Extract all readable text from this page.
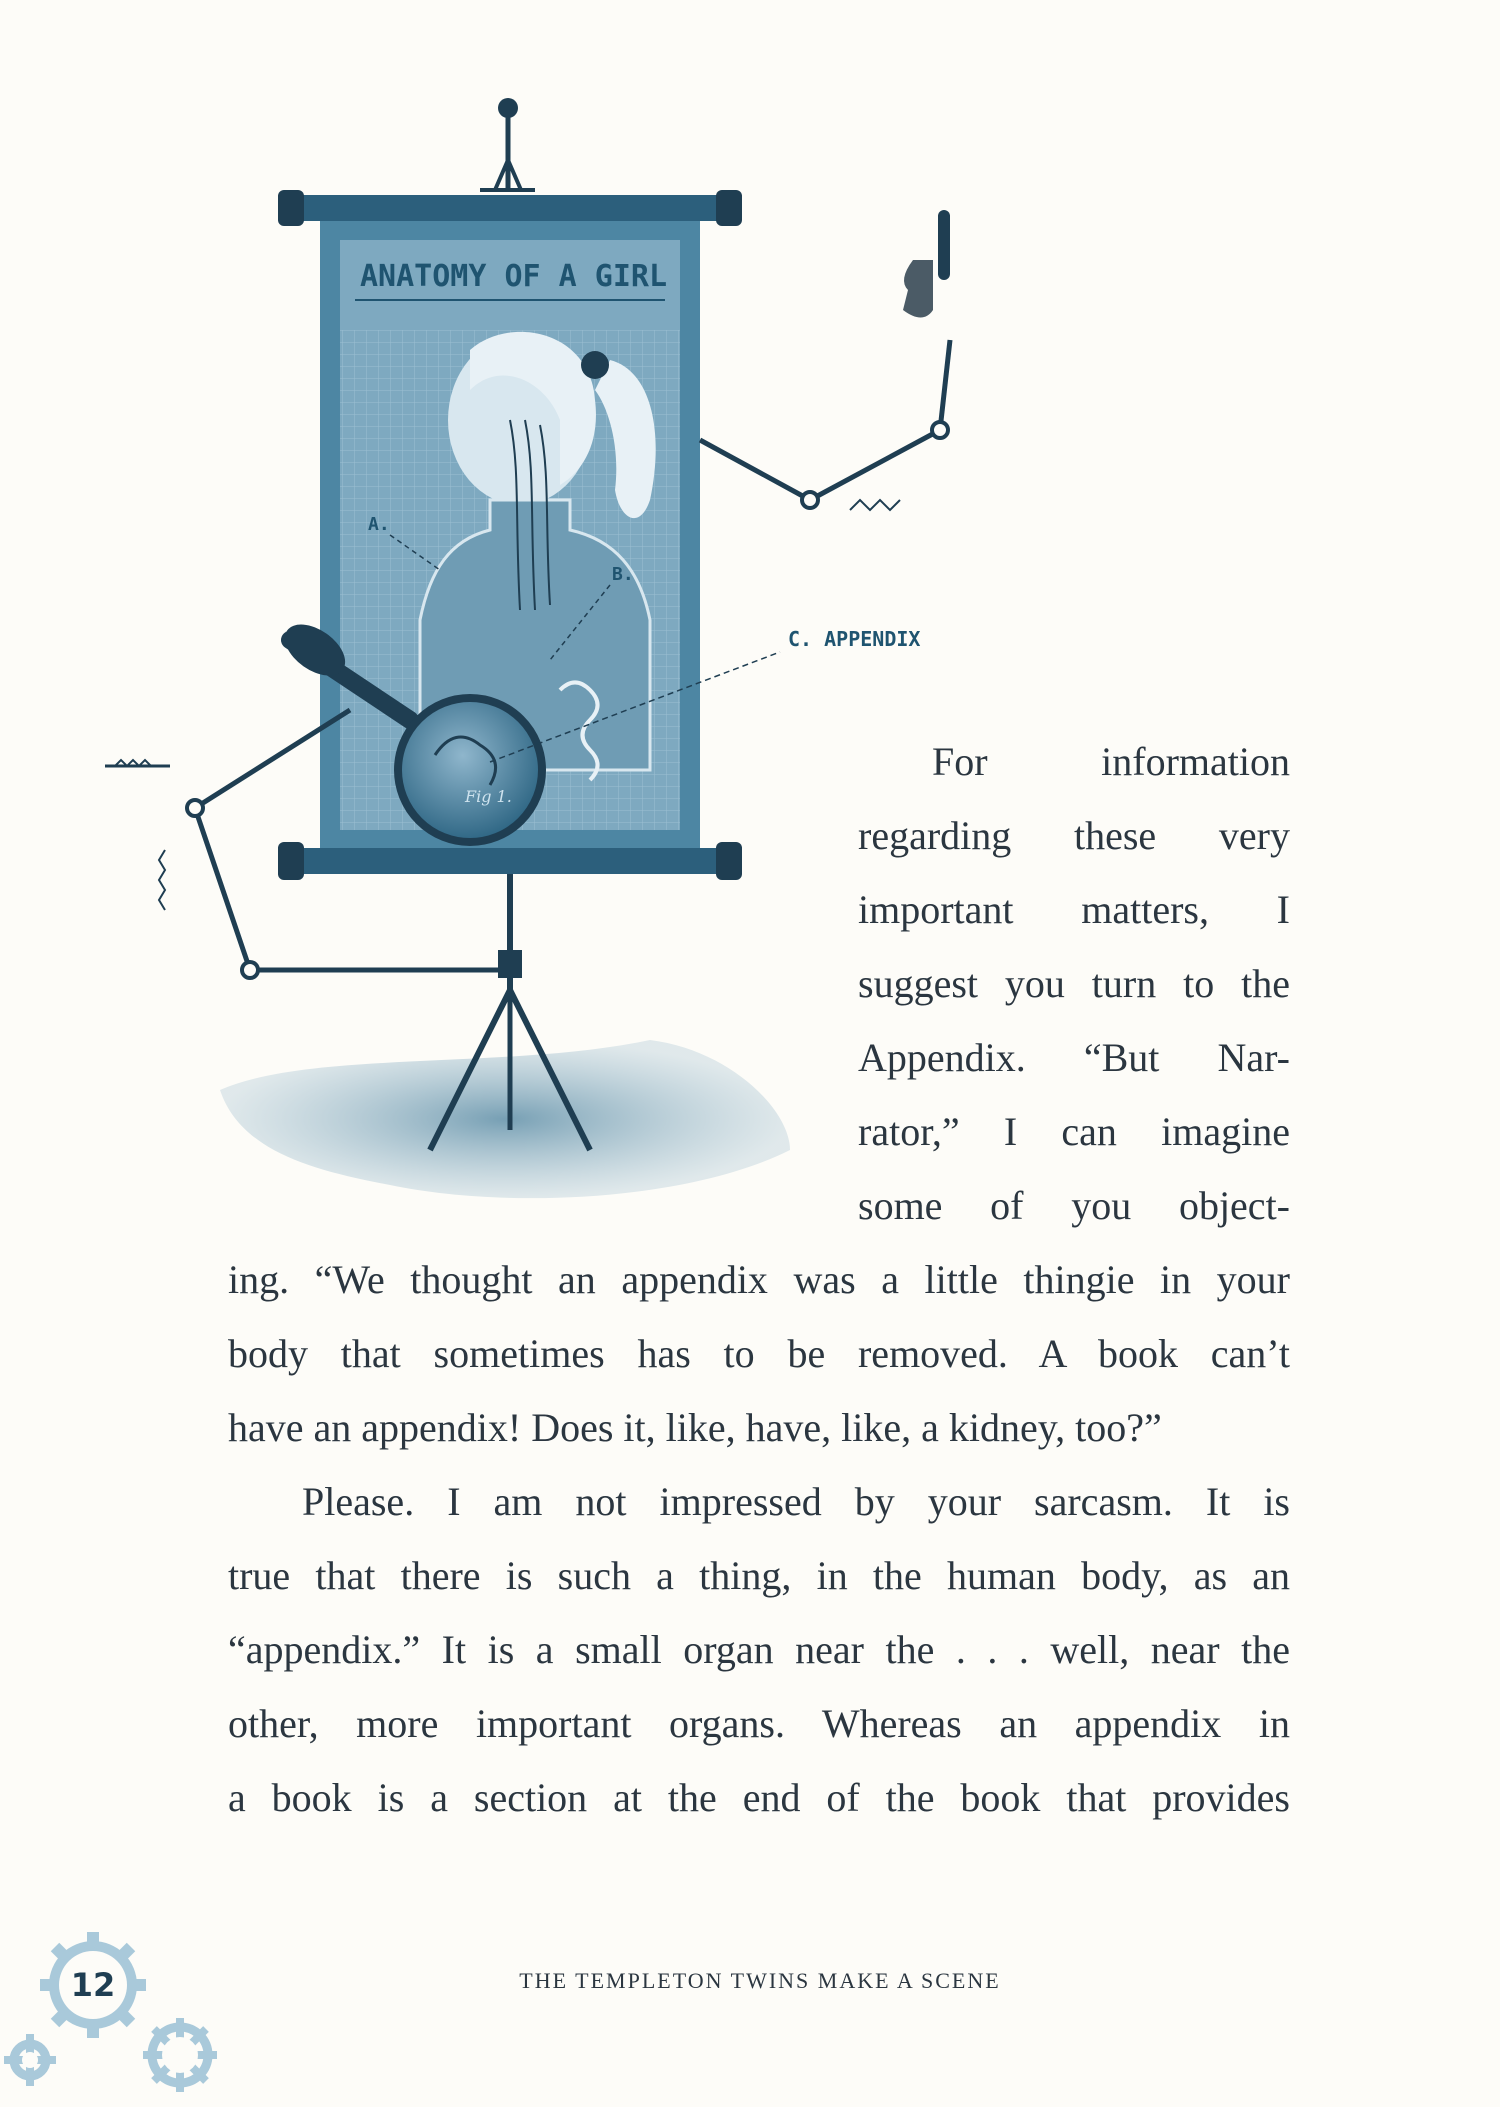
ANATOMY OF A GIRL
A.
B.
Fig 1.
C. APPENDIX
For information
regarding these very
important matters, I
suggest you turn to the
Appendix. “But Nar-
rator,” I can imagine
some of you object-
ing. “We thought an appendix was a little thingie in your
body that sometimes has to be removed. A book can’t
have an appendix! Does it, like, have, like, a kidney, too?”
Please. I am not impressed by your sarcasm. It is
true that there is such a thing, in the human body, as an
“appendix.” It is a small organ near the . . . well, near the
other, more important organs. Whereas an appendix in
a book is a section at the end of the book that provides
12	THE TEMPLETON TWINS MAKE A SCENE
